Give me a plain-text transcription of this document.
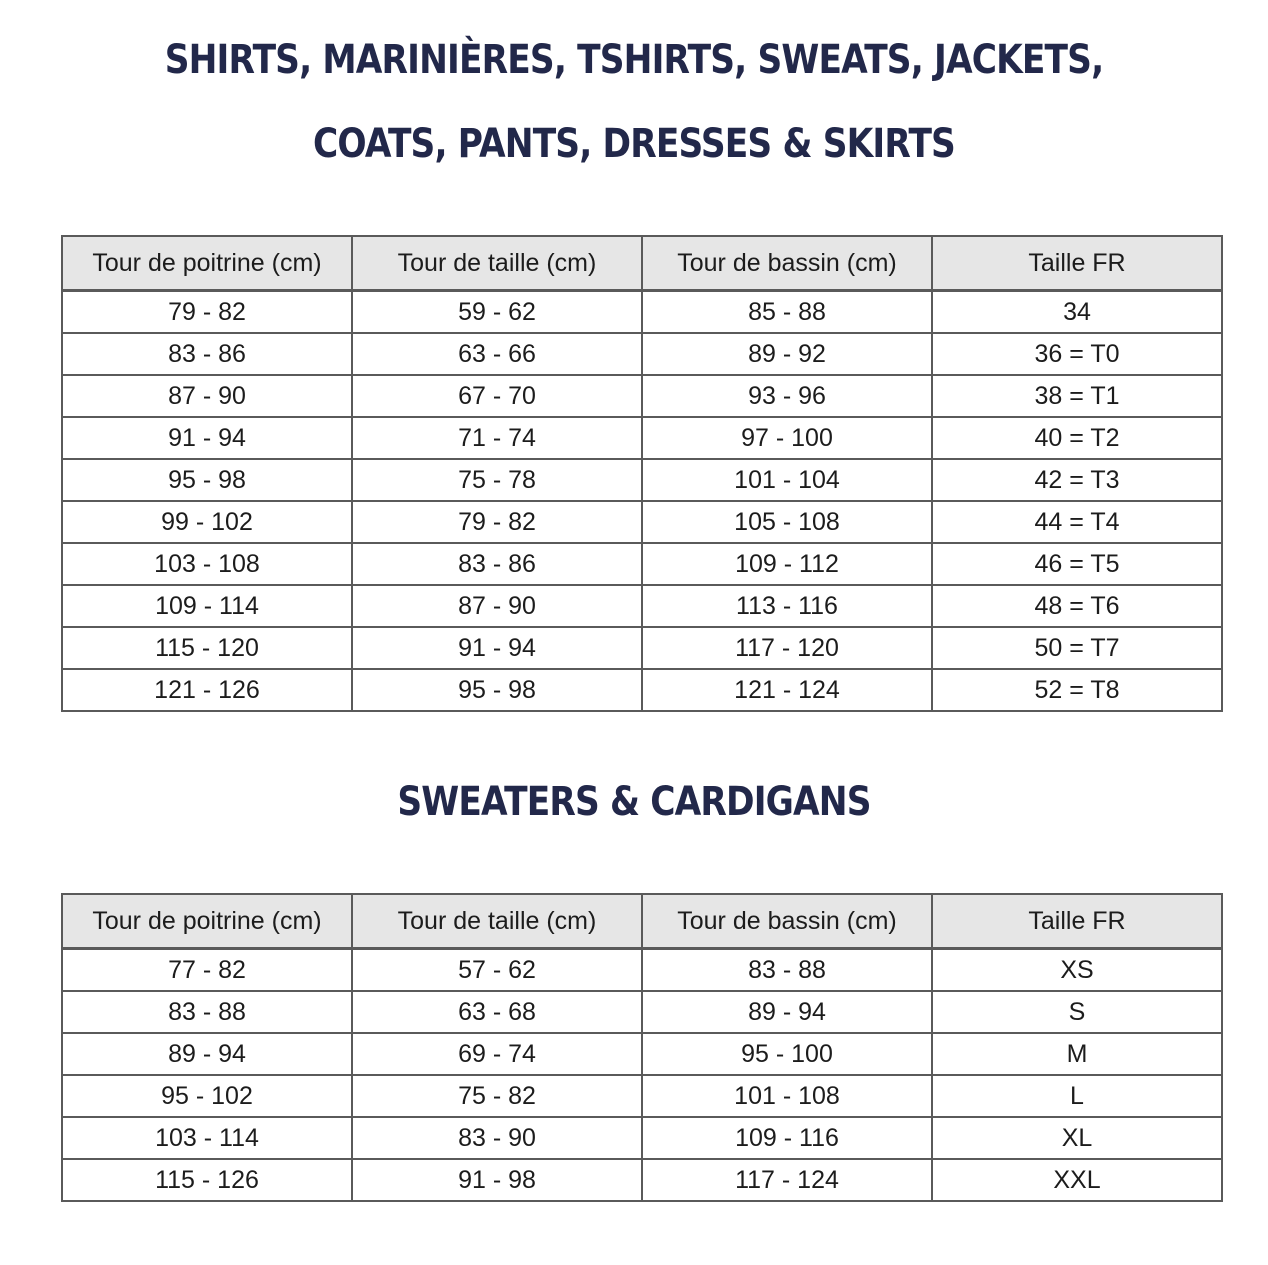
SHIRTS, MARINIÈRES, TSHIRTS, SWEATS, JACKETS,
COATS, PANTS, DRESSES & SKIRTS
Tour de poitrine (cm)	Tour de taille (cm)	Tour de bassin (cm)	Taille FR
79 - 82	59 - 62	85 - 88	34
83 - 86	63 - 66	89 - 92	36 = T0
87 - 90	67 - 70	93 - 96	38 = T1
91 - 94	71 - 74	97 - 100	40 = T2
95 - 98	75 - 78	101 - 104	42 = T3
99 - 102	79 - 82	105 - 108	44 = T4
103 - 108	83 - 86	109 - 112	46 = T5
109 - 114	87 - 90	113 - 116	48 = T6
115 - 120	91 - 94	117 - 120	50 = T7
121 - 126	95 - 98	121 - 124	52 = T8
SWEATERS & CARDIGANS
Tour de poitrine (cm)	Tour de taille (cm)	Tour de bassin (cm)	Taille FR
77 - 82	57 - 62	83 - 88	XS
83 - 88	63 - 68	89 - 94	S
89 - 94	69 - 74	95 - 100	M
95 - 102	75 - 82	101 - 108	L
103 - 114	83 - 90	109 - 116	XL
115 - 126	91 - 98	117 - 124	XXL
